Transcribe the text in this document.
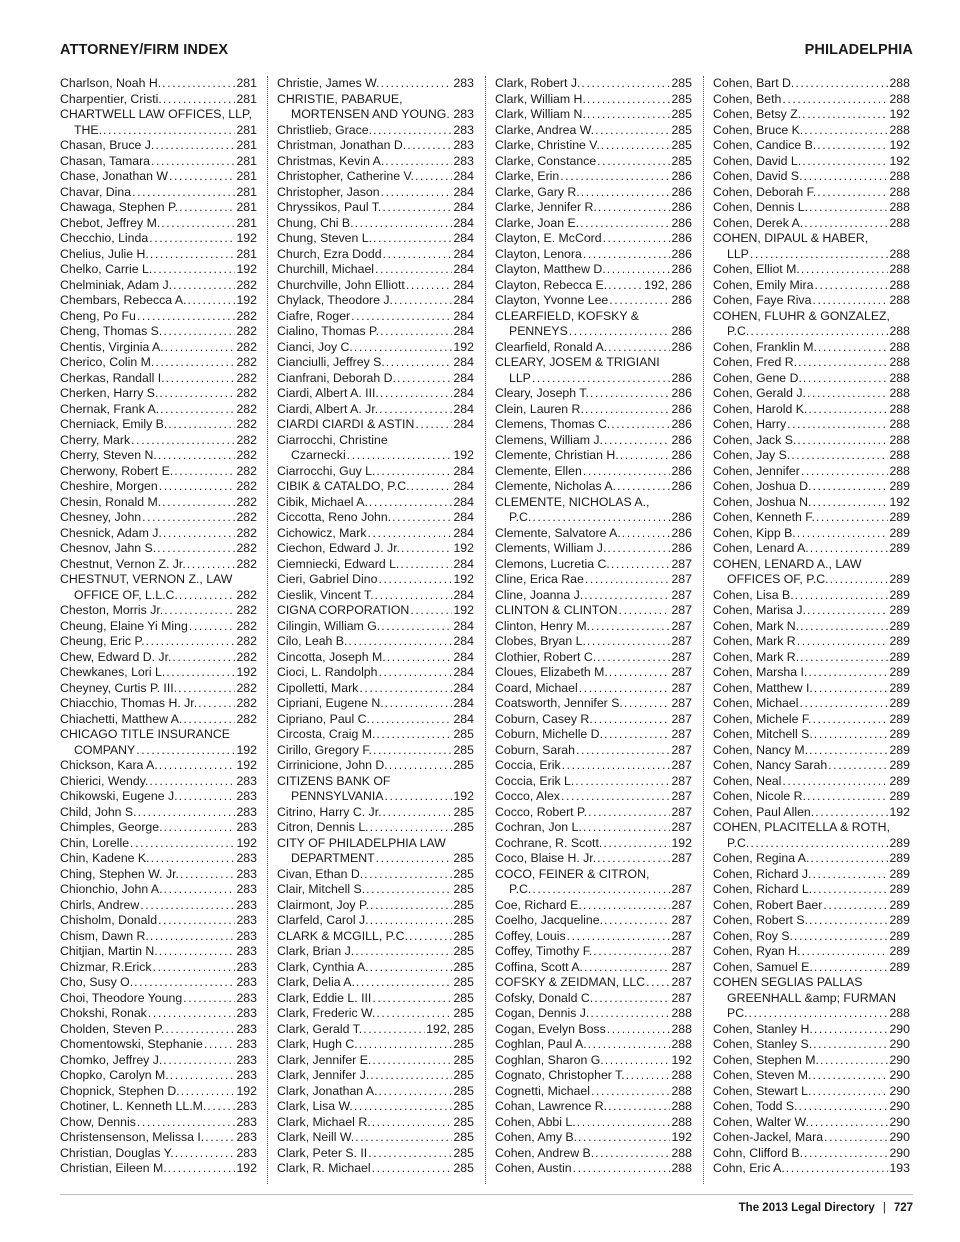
ATTORNEY/FIRM INDEX	PHILADELPHIA
Charlson, Noah H. .....	281
Charpentier, Cristi. .....	281
CHARTWELL LAW OFFICES, LLP,
THE. .....	281
Chasan, Bruce J. .....	281
Chasan, Tamara .....	281
Chase, Jonathan W .....	281
Chavar, Dina .....	281
Chawaga, Stephen P. .....	281
Chebot, Jeffrey M. .....	281
Checchio, Linda .....	192
Chelius, Julie H. .....	281
Chelko, Carrie L. .....	192
Chelminiak, Adam J. .....	282
Chembars, Rebecca A. .....	192
Cheng, Po Fu .....	282
Cheng, Thomas S. .....	282
Chentis, Virginia A. .....	282
Cherico, Colin M. .....	282
Cherkas, Randall I. .....	282
Cherken, Harry S. .....	282
Chernak, Frank A. .....	282
Cherniack, Emily B. .....	282
Cherry, Mark .....	282
Cherry, Steven N. .....	282
Cherwony, Robert E. .....	282
Cheshire, Morgen .....	282
Chesin, Ronald M. .....	282
Chesney, John .....	282
Chesnick, Adam J. .....	282
Chesnov, Jahn S. .....	282
Chestnut, Vernon Z. Jr. .....	282
CHESTNUT, VERNON Z., LAW
OFFICE OF, L.L.C. .....	282
Cheston, Morris Jr. .....	282
Cheung, Elaine Yi Ming .....	282
Cheung, Eric P. .....	282
Chew, Edward D. Jr. .....	282
Chewkanes, Lori L. .....	192
Cheyney, Curtis P. III. .....	282
Chiacchio, Thomas H. Jr. .....	282
Chiachetti, Matthew A. .....	282
CHICAGO TITLE INSURANCE
COMPANY .....	192
Chickson, Kara A. .....	192
Chierici, Wendy. .....	283
Chikowski, Eugene J. .....	283
Child, John S. .....	283
Chimples, George. .....	283
Chin, Lorelle .....	192
Chin, Kadene K. .....	283
Ching, Stephen W. Jr. .....	283
Chionchio, John A. .....	283
Chirls, Andrew .....	283
Chisholm, Donald .....	283
Chism, Dawn R. .....	283
Chitjian, Martin N. .....	283
Chizmar, R.Erick .....	283
Cho, Susy O. .....	283
Choi, Theodore Young .....	283
Chokshi, Ronak .....	283
Cholden, Steven P. .....	283
Chomentowski, Stephanie .....	283
Chomko, Jeffrey J. .....	283
Chopko, Carolyn M. .....	283
Chopnick, Stephen D. .....	192
Chotiner, L. Kenneth LL.M. ..... 283
Chow, Dennis .....	283
Christensenson, Melissa I. .....	283
Christian, Douglas Y. .....	283
Christian, Eileen M. .....	192
Christie, James W. .....	283
CHRISTIE, PABARUE,
MORTENSEN AND YOUNG. ..... 283
Christlieb, Grace. .....	283
Christman, Jonathan D. .....	283
Christmas, Kevin A. .....	283
Christopher, Catherine V. .....	284
Christopher, Jason .....	284
Chryssikos, Paul T. .....	284
Chung, Chi B. .....	284
Chung, Steven L. .....	284
Church, Ezra Dodd .....	284
Churchill, Michael .....	284
Churchville, John Elliott .....	284
Chylack, Theodore J. .....	284
Ciafre, Roger .....	284
Cialino, Thomas P. .....	284
Cianci, Joy C. .....	192
Cianciulli, Jeffrey S. .....	284
Cianfrani, Deborah D. .....	284
Ciardi, Albert A. III. .....	284
Ciardi, Albert A. Jr. .....	284
CIARDI CIARDI & ASTIN .....	284
Ciarrocchi, Christine
Czarnecki .....	192
Ciarrocchi, Guy L. .....	284
CIBIK & CATALDO, P.C. .....	284
Cibik, Michael A. .....	284
Ciccotta, Reno John. .....	284
Cichowicz, Mark .....	284
Ciechon, Edward J. Jr. .....	192
Ciemniecki, Edward L. .....	284
Cieri, Gabriel Dino .....	192
Cieslik, Vincent T. .....	284
CIGNA CORPORATION .....	192
Cilingin, William G. .....	284
Cilo, Leah B. .....	284
Cincotta, Joseph M. .....	284
Cioci, L. Randolph .....	284
Cipolletti, Mark .....	284
Cipriani, Eugene N. .....	284
Cipriano, Paul C. .....	284
Circosta, Craig M. .....	285
Cirillo, Gregory F. .....	285
Cirrinicione, John D. .....	285
CITIZENS BANK OF
PENNSYLVANIA .....	192
Citrino, Harry C. Jr. .....	285
Citron, Dennis L. .....	285
CITY OF PHILADELPHIA LAW
DEPARTMENT .....	285
Civan, Ethan D. .....	285
Clair, Mitchell S. .....	285
Clairmont, Joy P. .....	285
Clarfeld, Carol J. .....	285
CLARK & MCGILL, P.C. .....	285
Clark, Brian J. .....	285
Clark, Cynthia A. .....	285
Clark, Delia A. .....	285
Clark, Eddie L. III .....	285
Clark, Frederic W. .....	285
Clark, Gerald T. .....	192, 285
Clark, Hugh C. .....	285
Clark, Jennifer E. .....	285
Clark, Jennifer J. .....	285
Clark, Jonathan A. .....	285
Clark, Lisa W. .....	285
Clark, Michael R. .....	285
Clark, Neill W. .....	285
Clark, Peter S. II .....	285
Clark, R. Michael .....	285
Clark, Robert J. .....	285
Clark, William H. .....	285
Clark, William N. .....	285
Clarke, Andrea W. .....	285
Clarke, Christine V. .....	285
Clarke, Constance .....	285
Clarke, Erin .....	286
Clarke, Gary R. .....	286
Clarke, Jennifer R. .....	286
Clarke, Joan E. .....	286
Clayton, E. McCord .....	286
Clayton, Lenora .....	286
Clayton, Matthew D. .....	286
Clayton, Rebecca E. .....	192, 286
Clayton, Yvonne Lee .....	286
CLEARFIELD, KOFSKY &
PENNEYS .....	286
Clearfield, Ronald A. .....	286
CLEARY, JOSEM & TRIGIANI
LLP .....	286
Cleary, Joseph T. .....	286
Clein, Lauren R. .....	286
Clemens, Thomas C. .....	286
Clemens, William J. .....	286
Clemente, Christian H. .....	286
Clemente, Ellen .....	286
Clemente, Nicholas A. .....	286
CLEMENTE, NICHOLAS A.,
P.C. .....	286
Clemente, Salvatore A. .....	286
Clements, William J. .....	286
Clemons, Lucretia C. .....	287
Cline, Erica Rae .....	287
Cline, Joanna J. .....	287
CLINTON & CLINTON .....	287
Clinton, Henry M. .....	287
Clobes, Bryan L. .....	287
Clothier, Robert C. .....	287
Cloues, Elizabeth M. .....	287
Coard, Michael .....	287
Coatsworth, Jennifer S. .....	287
Coburn, Casey R. .....	287
Coburn, Michelle D. .....	287
Coburn, Sarah .....	287
Coccia, Erik .....	287
Coccia, Erik L. .....	287
Cocco, Alex .....	287
Cocco, Robert P. .....	287
Cochran, Jon L. .....	287
Cochrane, R. Scott. .....	192
Coco, Blaise H. Jr. .....	287
COCO, FEINER & CITRON,
P.C. .....	287
Coe, Richard E. .....	287
Coelho, Jacqueline. .....	287
Coffey, Louis .....	287
Coffey, Timothy F. .....	287
Coffina, Scott A. .....	287
COFSKY & ZEIDMAN, LLC ..... 287
Cofsky, Donald C. .....	287
Cogan, Dennis J. .....	288
Cogan, Evelyn Boss .....	288
Coghlan, Paul A. .....	288
Coghlan, Sharon G. .....	192
Cognato, Christopher T. .....	288
Cognetti, Michael .....	288
Cohan, Lawrence R. .....	288
Cohen, Abbi L. .....	288
Cohen, Amy B. .....	192
Cohen, Andrew B. .....	288
Cohen, Austin .....	288
Cohen, Bart D. .....	288
Cohen, Beth .....	288
Cohen, Betsy Z. .....	192
Cohen, Bruce K. .....	288
Cohen, Candice B. .....	192
Cohen, David L. .....	192
Cohen, David S. .....	288
Cohen, Deborah F. .....	288
Cohen, Dennis L. .....	288
Cohen, Derek A. .....	288
COHEN, DIPAUL & HABER,
LLP .....	288
Cohen, Elliot M. .....	288
Cohen, Emily Mira .....	288
Cohen, Faye Riva .....	288
COHEN, FLUHR & GONZALEZ,
P.C. .....	288
Cohen, Franklin M. .....	288
Cohen, Fred R. .....	288
Cohen, Gene D. .....	288
Cohen, Gerald J. .....	288
Cohen, Harold K. .....	288
Cohen, Harry .....	288
Cohen, Jack S. .....	288
Cohen, Jay S. .....	288
Cohen, Jennifer .....	288
Cohen, Joshua D. .....	289
Cohen, Joshua N. .....	192
Cohen, Kenneth F. .....	289
Cohen, Kipp B. .....	289
Cohen, Lenard A. .....	289
COHEN, LENARD A., LAW
OFFICES OF, P.C. .....	289
Cohen, Lisa B. .....	289
Cohen, Marisa J. .....	289
Cohen, Mark N. .....	289
Cohen, Mark R .....	289
Cohen, Mark R. .....	289
Cohen, Marsha I. .....	289
Cohen, Matthew I. .....	289
Cohen, Michael .....	289
Cohen, Michele F. .....	289
Cohen, Mitchell S. .....	289
Cohen, Nancy M. .....	289
Cohen, Nancy Sarah .....	289
Cohen, Neal .....	289
Cohen, Nicole R. .....	289
Cohen, Paul Allen. .....	192
COHEN, PLACITELLA & ROTH,
P.C. .....	289
Cohen, Regina A. .....	289
Cohen, Richard J. .....	289
Cohen, Richard L. .....	289
Cohen, Robert Baer .....	289
Cohen, Robert S. .....	289
Cohen, Roy S. .....	289
Cohen, Ryan H. .....	289
Cohen, Samuel E. .....	289
COHEN SEGLIAS PALLAS
GREENHALL &amp; FURMAN
PC. .....	288
Cohen, Stanley H. .....	290
Cohen, Stanley S. .....	290
Cohen, Stephen M. .....	290
Cohen, Steven M. .....	290
Cohen, Stewart L. .....	290
Cohen, Todd S. .....	290
Cohen, Walter W. .....	290
Cohen-Jackel, Mara .....	290
Cohn, Clifford B. .....	290
Cohn, Eric A. .....	193
The 2013 Legal Directory | 727
